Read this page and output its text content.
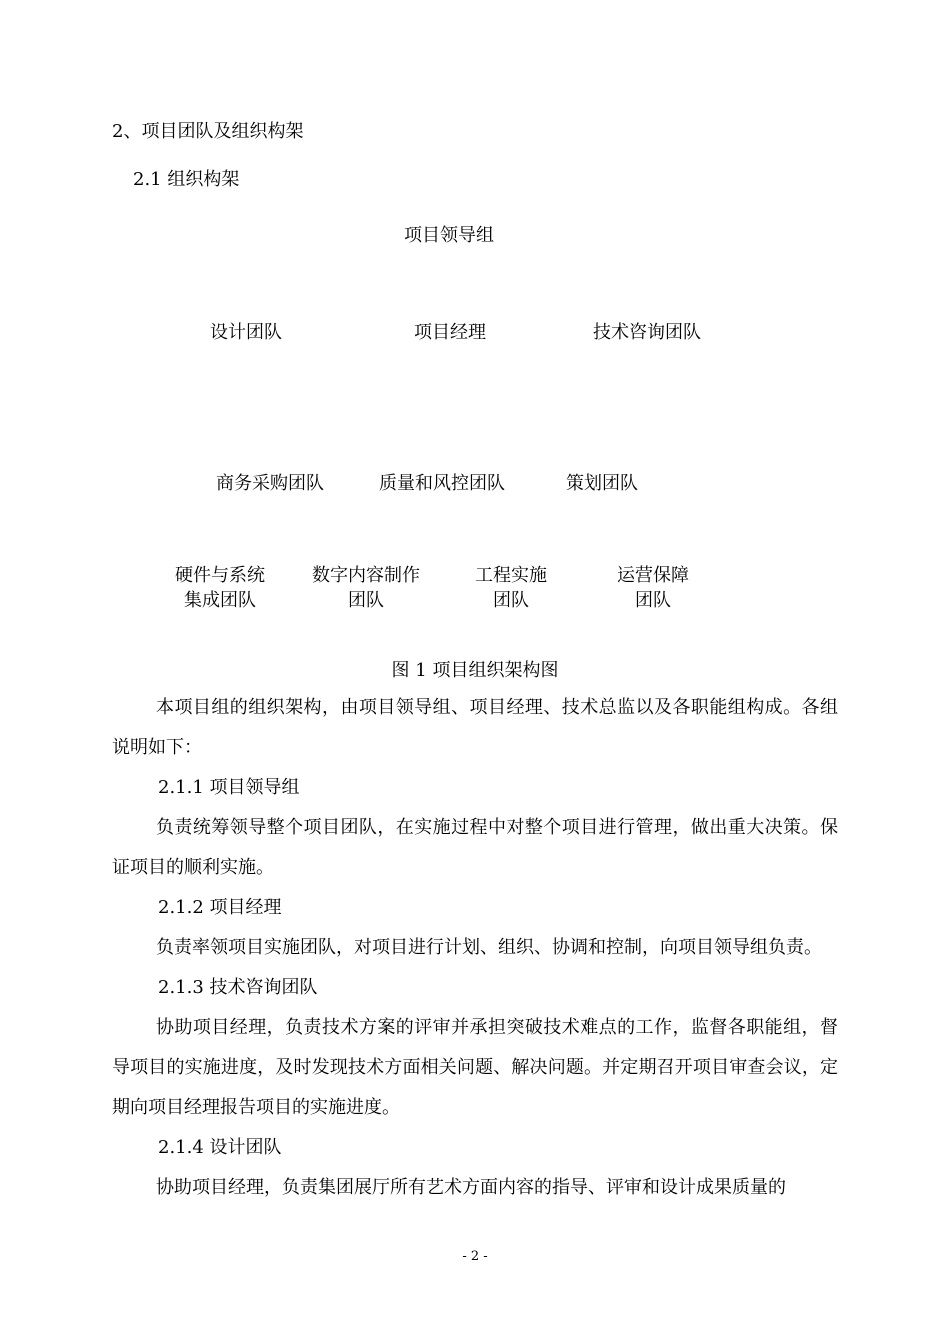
2、项目团队及组织构架
2.1 组织构架
项目领导组
设计团队	项目经理	技术咨询团队
商务采购团队	质量和风控团队	策划团队
硬件与系统
集成团队
数字内容制作
团队
工程实施
团队
运营保障
团队
图 1 项目组织架构图

本项目组的组织架构，由项目领导组、项目经理、技术总监以及各职能组构成。各组说明如下：

2.1.1 项目领导组

负责统筹领导整个项目团队，在实施过程中对整个项目进行管理，做出重大决策。保证项目的顺利实施。

2.1.2 项目经理

负责率领项目实施团队，对项目进行计划、组织、协调和控制，向项目领导组负责。

2.1.3 技术咨询团队

协助项目经理，负责技术方案的评审并承担突破技术难点的工作，监督各职能组，督导项目的实施进度，及时发现技术方面相关问题、解决问题。并定期召开项目审查会议，定期向项目经理报告项目的实施进度。

2.1.4 设计团队

协助项目经理，负责集团展厅所有艺术方面内容的指导、评审和设计成果质量的

- 2 -
